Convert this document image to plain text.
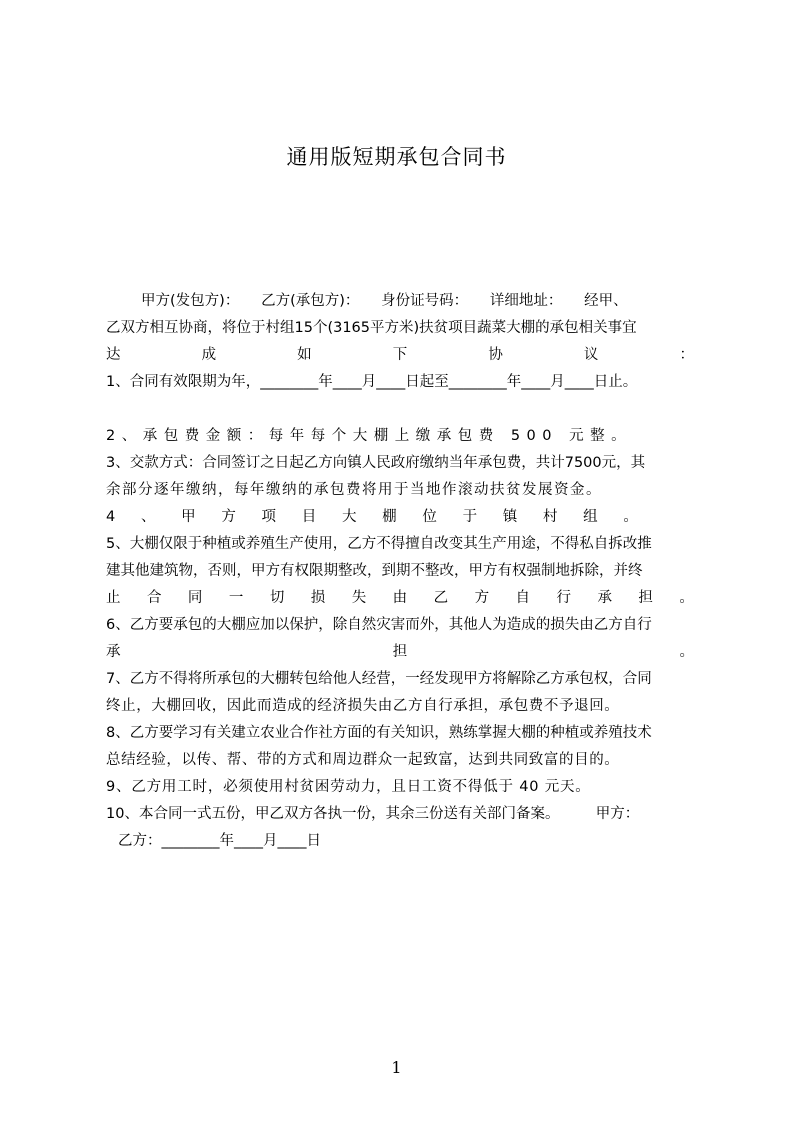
通用版短期承包合同书
甲方(发包方)：　　乙方(承包方)：　　身份证号码：　　详细地址：　　经甲、
乙双方相互协商，将位于村组15个(3165平方米)扶贫项目蔬菜大棚的承包相关事宜
达	成	如	下	协	议	：
1、合同有效限期为年，________年____月____日起至________年____月____日止。
2、承包费金额：每年每个大棚上缴承包费 500 元整。
3、交款方式：合同签订之日起乙方向镇人民政府缴纳当年承包费，共计7500元，其
余部分逐年缴纳，每年缴纳的承包费将用于当地作滚动扶贫发展资金。
4 、 甲 方 项 目 大 棚 位 于 镇 村 组 。
5、大棚仅限于种植或养殖生产使用，乙方不得擅自改变其生产用途，不得私自拆改推
建其他建筑物，否则，甲方有权限期整改，到期不整改，甲方有权强制地拆除，并终
止 合 同 一 切 损 失 由 乙 方 自 行 承 担 。
6、乙方要承包的大棚应加以保护，除自然灾害而外，其他人为造成的损失由乙方自行
承	担	。
7、乙方不得将所承包的大棚转包给他人经营，一经发现甲方将解除乙方承包权，合同
终止，大棚回收，因此而造成的经济损失由乙方自行承担，承包费不予退回。
8、乙方要学习有关建立农业合作社方面的有关知识，熟练掌握大棚的种植或养殖技术
总结经验，以传、帮、带的方式和周边群众一起致富，达到共同致富的目的。
9、乙方用工时，必须使用村贫困劳动力，且日工资不得低于 40 元天。
10、本合同一式五份，甲乙双方各执一份，其余三份送有关部门备案。　　　甲方：
乙方：________年____月____日
1
